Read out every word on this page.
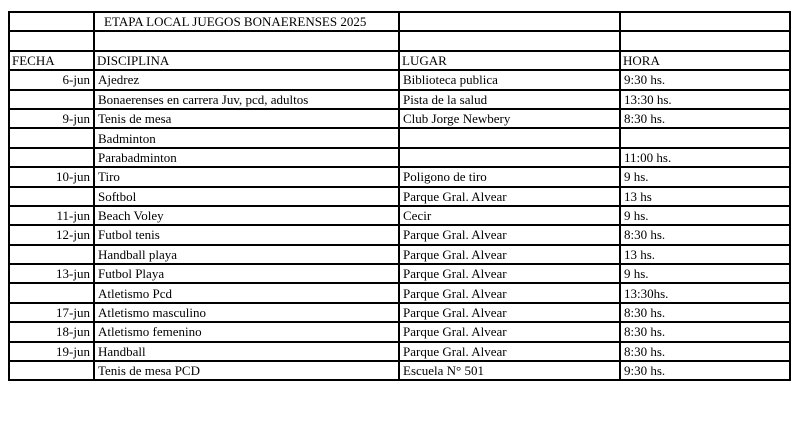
	ETAPA LOCAL JUEGOS BONAERENSES 2025		

FECHA	DISCIPLINA	LUGAR	HORA
6-jun	Ajedrez	Biblioteca publica	9:30 hs.
	Bonaerenses en carrera Juv, pcd, adultos	Pista de la salud	13:30 hs.
9-jun	Tenis de mesa	Club Jorge Newbery	8:30 hs.
	Badminton		
	Parabadminton		11:00 hs.
10-jun	Tiro	Poligono de tiro	9 hs.
	Softbol	Parque Gral. Alvear	13 hs
11-jun	Beach Voley	Cecir	9 hs.
12-jun	Futbol tenis	Parque Gral. Alvear	8:30 hs.
	Handball playa	Parque Gral. Alvear	13 hs.
13-jun	Futbol Playa	Parque Gral. Alvear	9 hs.
	Atletismo Pcd	Parque Gral. Alvear	13:30hs.
17-jun	Atletismo masculino	Parque Gral. Alvear	8:30 hs.
18-jun	Atletismo femenino	Parque Gral. Alvear	8:30 hs.
19-jun	Handball	Parque Gral. Alvear	8:30 hs.
	Tenis de mesa PCD	Escuela N° 501	9:30 hs.
